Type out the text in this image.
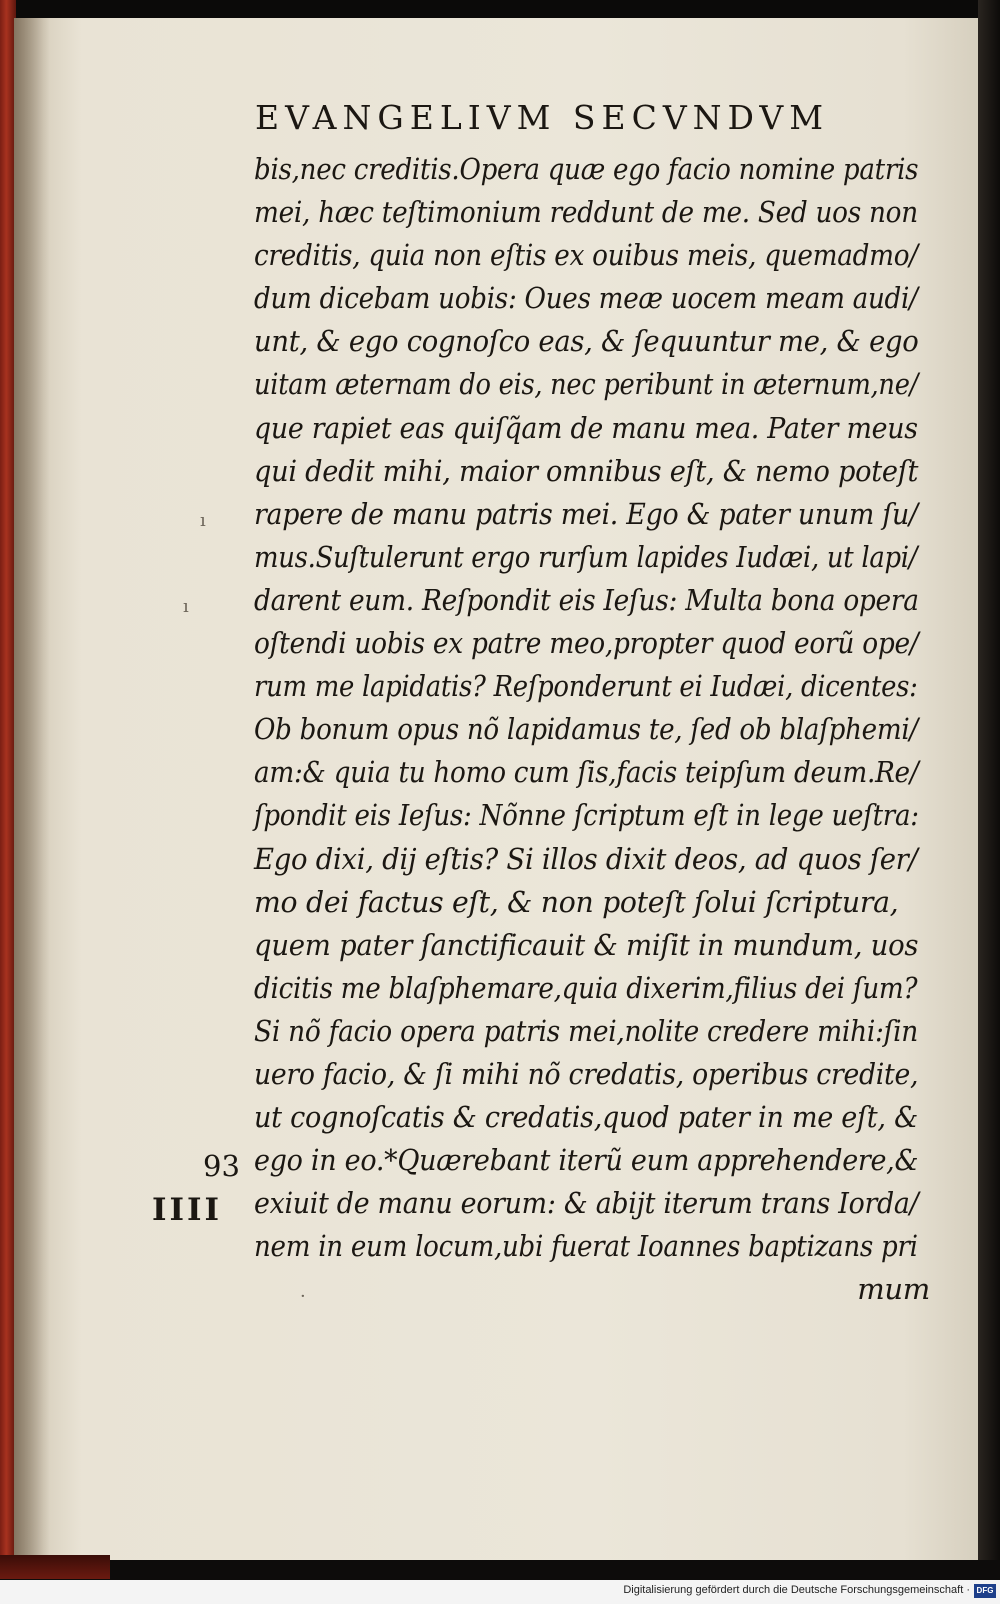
EVANGELIVM SECVNDVM
bis,nec creditis.Opera quæ ego facio nomine patris
mei, hæc teſtimonium reddunt de me. Sed uos non
creditis, quia non eſtis ex ouibus meis, quemadmo/
dum dicebam uobis: Oues meæ uocem meam audi/
unt, & ego cognoſco eas, & ſequuntur me, & ego
uitam æternam do eis, nec peribunt in æternum,ne/
que rapiet eas quiſq̃am de manu mea. Pater meus
qui dedit mihi, maior omnibus eſt, & nemo poteſt
rapere de manu patris mei. Ego & pater unum ſu/
mus.Suſtulerunt ergo rurſum lapides Iudæi, ut lapi/
darent eum. Reſpondit eis Ieſus: Multa bona opera
oſtendi uobis ex patre meo,propter quod eorũ ope/
rum me lapidatis? Reſponderunt ei Iudæi, dicentes:
Ob bonum opus nõ lapidamus te, ſed ob blaſphemi/
am:& quia tu homo cum ſis,facis teipſum deum.Re/
ſpondit eis Ieſus: Nõnne ſcriptum eſt in lege ueſtra:
Ego dixi, dij eſtis? Si illos dixit deos, ad quos ſer/
mo dei factus eſt, & non poteſt ſolui ſcriptura,
quem pater ſanctificauit & miſit in mundum, uos
dicitis me blaſphemare,quia dixerim,filius dei ſum?
Si nõ facio opera patris mei,nolite credere mihi:ſin
uero facio, & ſi mihi nõ credatis, operibus credite,
ut cognoſcatis & credatis,quod pater in me eſt, &
ego in eo.*Quærebant iterũ eum apprehendere,&
exiuit de manu eorum: & abijt iterum trans Iorda/
nem in eum locum,ubi fuerat Ioannes baptizans pri
mum
93
IIII
ı
ı
·
Digitalisierung gefördert durch die Deutsche Forschungsgemeinschaft · DFG
